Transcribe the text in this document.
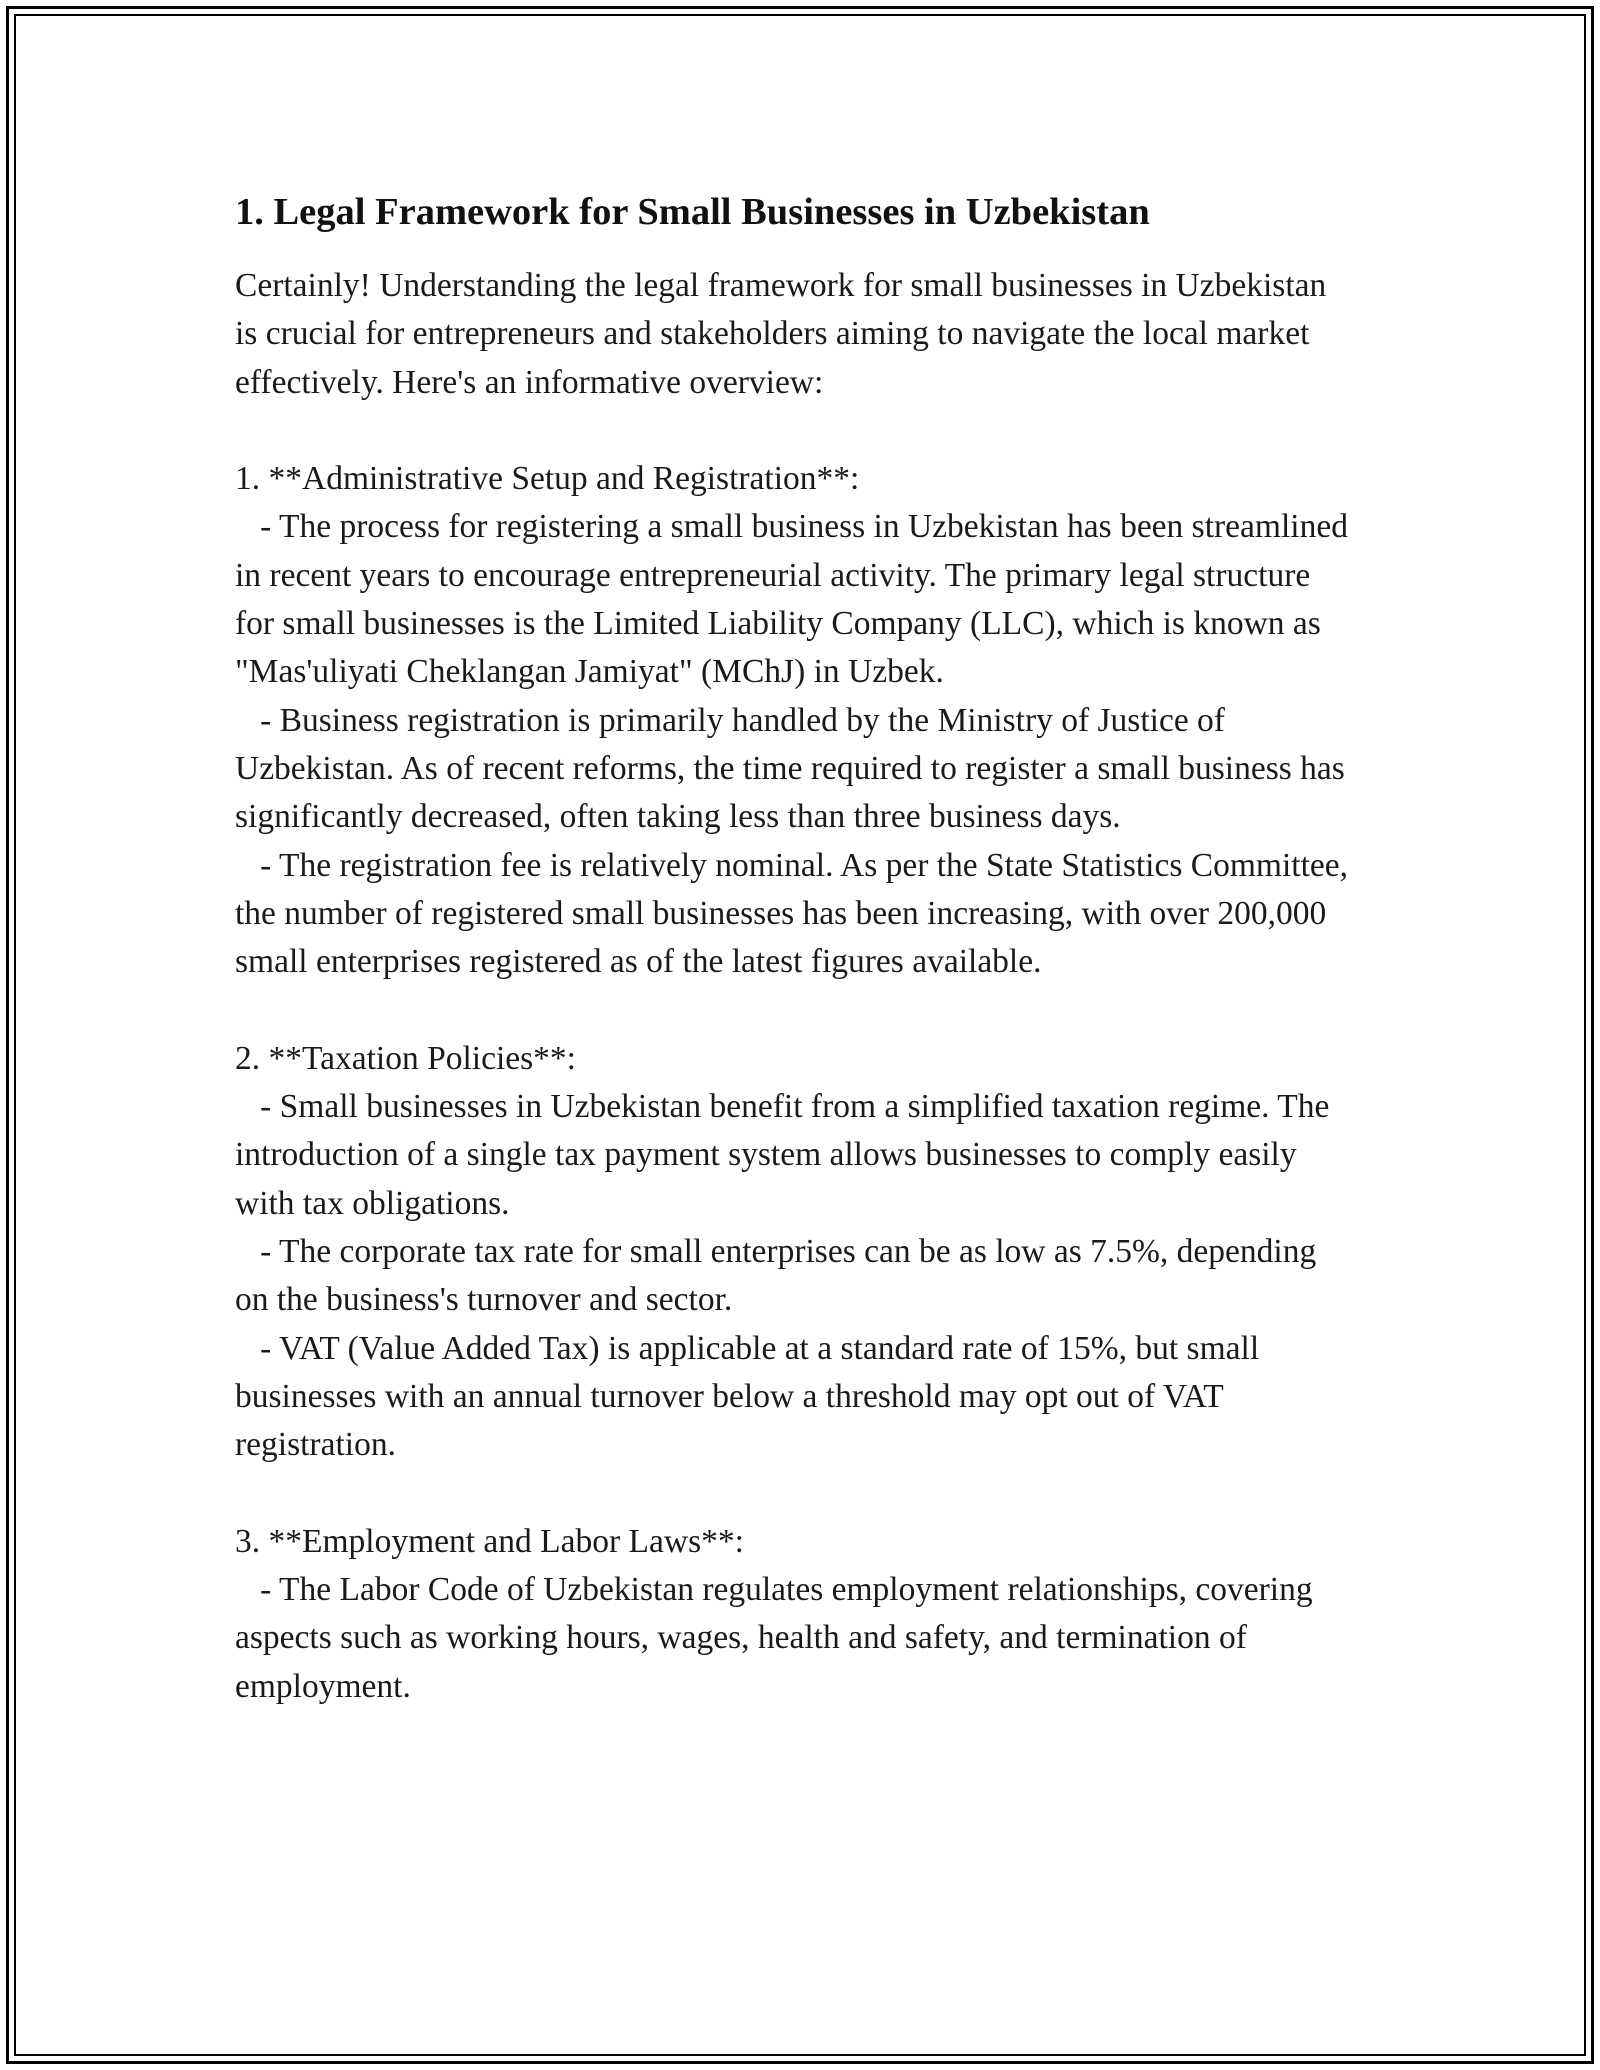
1. Legal Framework for Small Businesses in Uzbekistan

Certainly! Understanding the legal framework for small businesses in Uzbekistan is crucial for entrepreneurs and stakeholders aiming to navigate the local market effectively. Here's an informative overview:

1. **Administrative Setup and Registration**:

- The process for registering a small business in Uzbekistan has been streamlined in recent years to encourage entrepreneurial activity. The primary legal structure for small businesses is the Limited Liability Company (LLC), which is known as "Mas'uliyati Cheklangan Jamiyat" (MChJ) in Uzbek.

- Business registration is primarily handled by the Ministry of Justice of Uzbekistan. As of recent reforms, the time required to register a small business has significantly decreased, often taking less than three business days.

- The registration fee is relatively nominal. As per the State Statistics Committee, the number of registered small businesses has been increasing, with over 200,000 small enterprises registered as of the latest figures available.

2. **Taxation Policies**:

- Small businesses in Uzbekistan benefit from a simplified taxation regime. The introduction of a single tax payment system allows businesses to comply easily with tax obligations.

- The corporate tax rate for small enterprises can be as low as 7.5%, depending on the business's turnover and sector.

- VAT (Value Added Tax) is applicable at a standard rate of 15%, but small businesses with an annual turnover below a threshold may opt out of VAT registration.

3. **Employment and Labor Laws**:

- The Labor Code of Uzbekistan regulates employment relationships, covering aspects such as working hours, wages, health and safety, and termination of employment.
